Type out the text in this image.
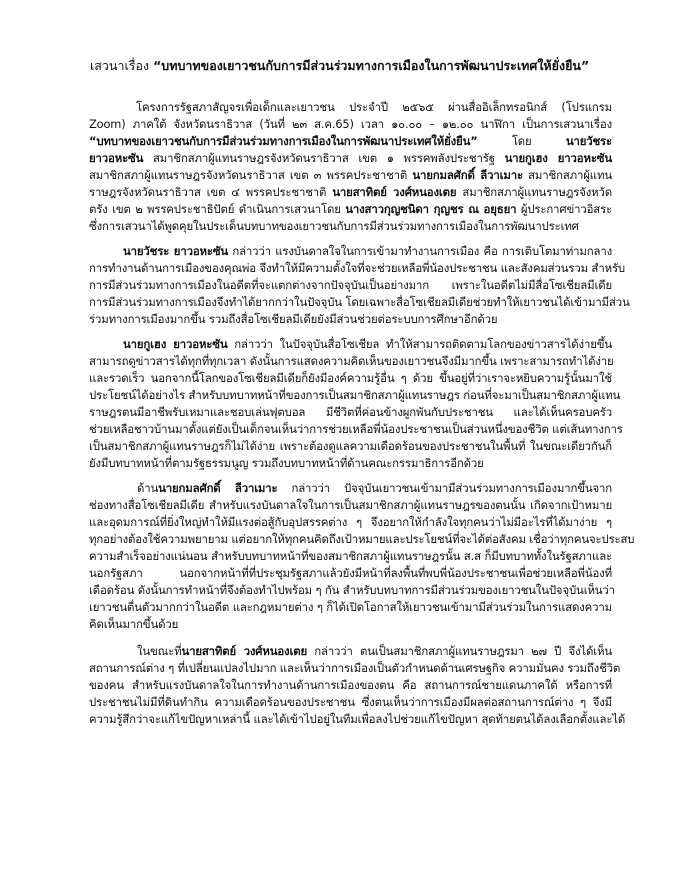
เสวนาเรื่อง “บทบาทของเยาวชนกับการมีส่วนร่วมทางการเมืองในการพัฒนาประเทศให้ยั่งยืน”
โครงการรัฐสภาสัญจรเพื่อเด็กและเยาวชน ประจำปี ๒๕๖๕ ผ่านสื่ออิเล็กทรอนิกส์ (โปรแกรม
Zoom) ภาคใต้ จังหวัดนราธิวาส (วันที่ ๒๓ ส.ค.65) เวลา ๑๐.๐๐ – ๑๒.๐๐ นาฬิกา เป็นการเสวนาเรื่อง
“บทบาทของเยาวชนกับการมีส่วนร่วมทางการเมืองในการพัฒนาประเทศให้ยั่งยืน” โดย นายวัชระ
ยาวอหะซัน สมาชิกสภาผู้แทนราษฎรจังหวัดนราธิวาส เขต ๑ พรรคพลังประชารัฐ นายกูเฮง ยาวอหะซัน
สมาชิกสภาผู้แทนราษฎรจังหวัดนราธิวาส เขต ๓ พรรคประชาชาติ นายกมลศักดิ์ ลีวาเมาะ สมาชิกสภาผู้แทน
ราษฎรจังหวัดนราธิวาส เขต ๔ พรรคประชาชาติ นายสาทิตย์ วงศ์หนองเตย สมาชิกสภาผู้แทนราษฎรจังหวัด
ตรัง เขต ๒ พรรคประชาธิปัตย์ ดำเนินการเสวนาโดย นางสาวกุญชนิดา กุญชร ณ อยุธยา ผู้ประกาศข่าวอิสระ
ซึ่งการเสวนาได้พูดคุยในประเด็นบทบาทของเยาวชนกับการมีส่วนร่วมทางการเมืองในการพัฒนาประเทศ
นายวัชระ ยาวอหะซัน กล่าวว่า แรงบันดาลใจในการเข้ามาทำงานการเมือง คือ การเติบโตมาท่ามกลาง
การทำงานด้านการเมืองของคุณพ่อ จึงทำให้มีความตั้งใจที่จะช่วยเหลือพี่น้องประชาชน และสังคมส่วนรวม สำหรับ
การมีส่วนร่วมทางการเมืองในอดีตที่จะแตกต่างจากปัจจุบันเป็นอย่างมาก เพราะในอดีตไม่มีสื่อโซเชียลมีเดีย
การมีส่วนร่วมทางการเมืองจึงทำได้ยากกว่าในปัจจุบัน โดยเฉพาะสื่อโซเชียลมีเดียช่วยทำให้เยาวชนได้เข้ามามีส่วน
ร่วมทางการเมืองมากขึ้น รวมถึงสื่อโซเชียลมีเดียยังมีส่วนช่วยต่อระบบการศึกษาอีกด้วย
นายกูเฮง ยาวอหะซัน กล่าวว่า ในปัจจุบันสื่อโซเชียล ทำให้สามารถติดตามโลกของข่าวสารได้ง่ายขึ้น
สามารถดูข่าวสารได้ทุกที่ทุกเวลา ดังนั้นการแสดงความคิดเห็นของเยาวชนจึงมีมากขึ้น เพราะสามารถทำได้ง่าย
และรวดเร็ว นอกจากนี้โลกของโซเชียลมีเดียก็ยังมีองค์ความรู้อื่น ๆ ด้วย ขึ้นอยู่ที่ว่าเราจะหยิบความรู้นั้นมาใช้
ประโยชน์ได้อย่างไร สำหรับบทบาทหน้าที่ของการเป็นสมาชิกสภาผู้แทนราษฎร ก่อนที่จะมาเป็นสมาชิกสภาผู้แทน
ราษฎรตนมีอาชีพรับเหมาและชอบเล่นฟุตบอล มีชีวิตที่ค่อนข้างผูกพันกับประชาชน และได้เห็นครอบครัว
ช่วยเหลือชาวบ้านมาตั้งแต่ยังเป็นเด็กจนเห็นว่าการช่วยเหลือพี่น้องประชาชนเป็นส่วนหนึ่งของชีวิต แต่เส้นทางการ
เป็นสมาชิกสภาผู้แทนราษฎรก็ไม่ได้ง่าย เพราะต้องดูแลความเดือดร้อนของประชาชนในพื้นที่ ในขณะเดียวกันก็
ยังมีบทบาทหน้าที่ตามรัฐธรรมนูญ รวมถึงบทบาทหน้าที่ด้านคณะกรรมาธิการอีกด้วย
ด้านนายกมลศักดิ์ ลีวาเมาะ กล่าวว่า ปัจจุบันเยาวชนเข้ามามีส่วนร่วมทางการเมืองมากขึ้นจาก
ช่องทางสื่อโซเชียลมีเดีย สำหรับแรงบันดาลใจในการเป็นสมาชิกสภาผู้แทนราษฎรของตนนั้น เกิดจากเป้าหมาย
และอุดมการณ์ที่ยิ่งใหญ่ทำให้มีแรงต่อสู้กับอุปสรรคต่าง ๆ จึงอยากให้กำลังใจทุกคนว่าไม่มีอะไรที่ได้มาง่าย ๆ
ทุกอย่างต้องใช้ความพยายาม แต่อยากให้ทุกคนคิดถึงเป้าหมายและประโยชน์ที่จะได้ต่อสังคม เชื่อว่าทุกคนจะประสบ
ความสำเร็จอย่างแน่นอน สำหรับบทบาทหน้าที่ของสมาชิกสภาผู้แทนราษฎรนั้น ส.ส ก็มีบทบาททั้งในรัฐสภาและ
นอกรัฐสภา นอกจากหน้าที่ที่ประชุมรัฐสภาแล้วยังมีหน้าที่ลงพื้นที่พบพี่น้องประชาชนเพื่อช่วยเหลือพี่น้องที่
เดือดร้อน ดังนั้นการทำหน้าที่จึงต้องทำไปพร้อม ๆ กัน สำหรับบทบาทการมีส่วนร่วมของเยาวชนในปัจจุบันเห็นว่า
เยาวชนตื่นตัวมากกว่าในอดีต และกฎหมายต่าง ๆ ก็ได้เปิดโอกาสให้เยาวชนเข้ามามีส่วนร่วมในการแสดงความ
คิดเห็นมากขึ้นด้วย
ในขณะที่นายสาทิตย์ วงศ์หนองเตย กล่าวว่า ตนเป็นสมาชิกสภาผู้แทนราษฎรมา ๒๗ ปี จึงได้เห็น
สถานการณ์ต่าง ๆ ที่เปลี่ยนแปลงไปมาก และเห็นว่าการเมืองเป็นตัวกำหนดด้านเศรษฐกิจ ความมั่นคง รวมถึงชีวิต
ของคน สำหรับแรงบันดาลใจในการทำงานด้านการเมืองของตน คือ สถานการณ์ชายแดนภาคใต้ หรือการที่
ประชาชนไม่มีที่ดินทำกิน ความเดือดร้อนของประชาชน ซึ่งตนเห็นว่าการเมืองมีผลต่อสถานการณ์ต่าง ๆ จึงมี
ความรู้สึกว่าจะแก้ไขปัญหาเหล่านี้ และได้เข้าไปอยู่ในทีมเพื่อลงไปช่วยแก้ไขปัญหา สุดท้ายตนได้ลงเลือกตั้งและได้
